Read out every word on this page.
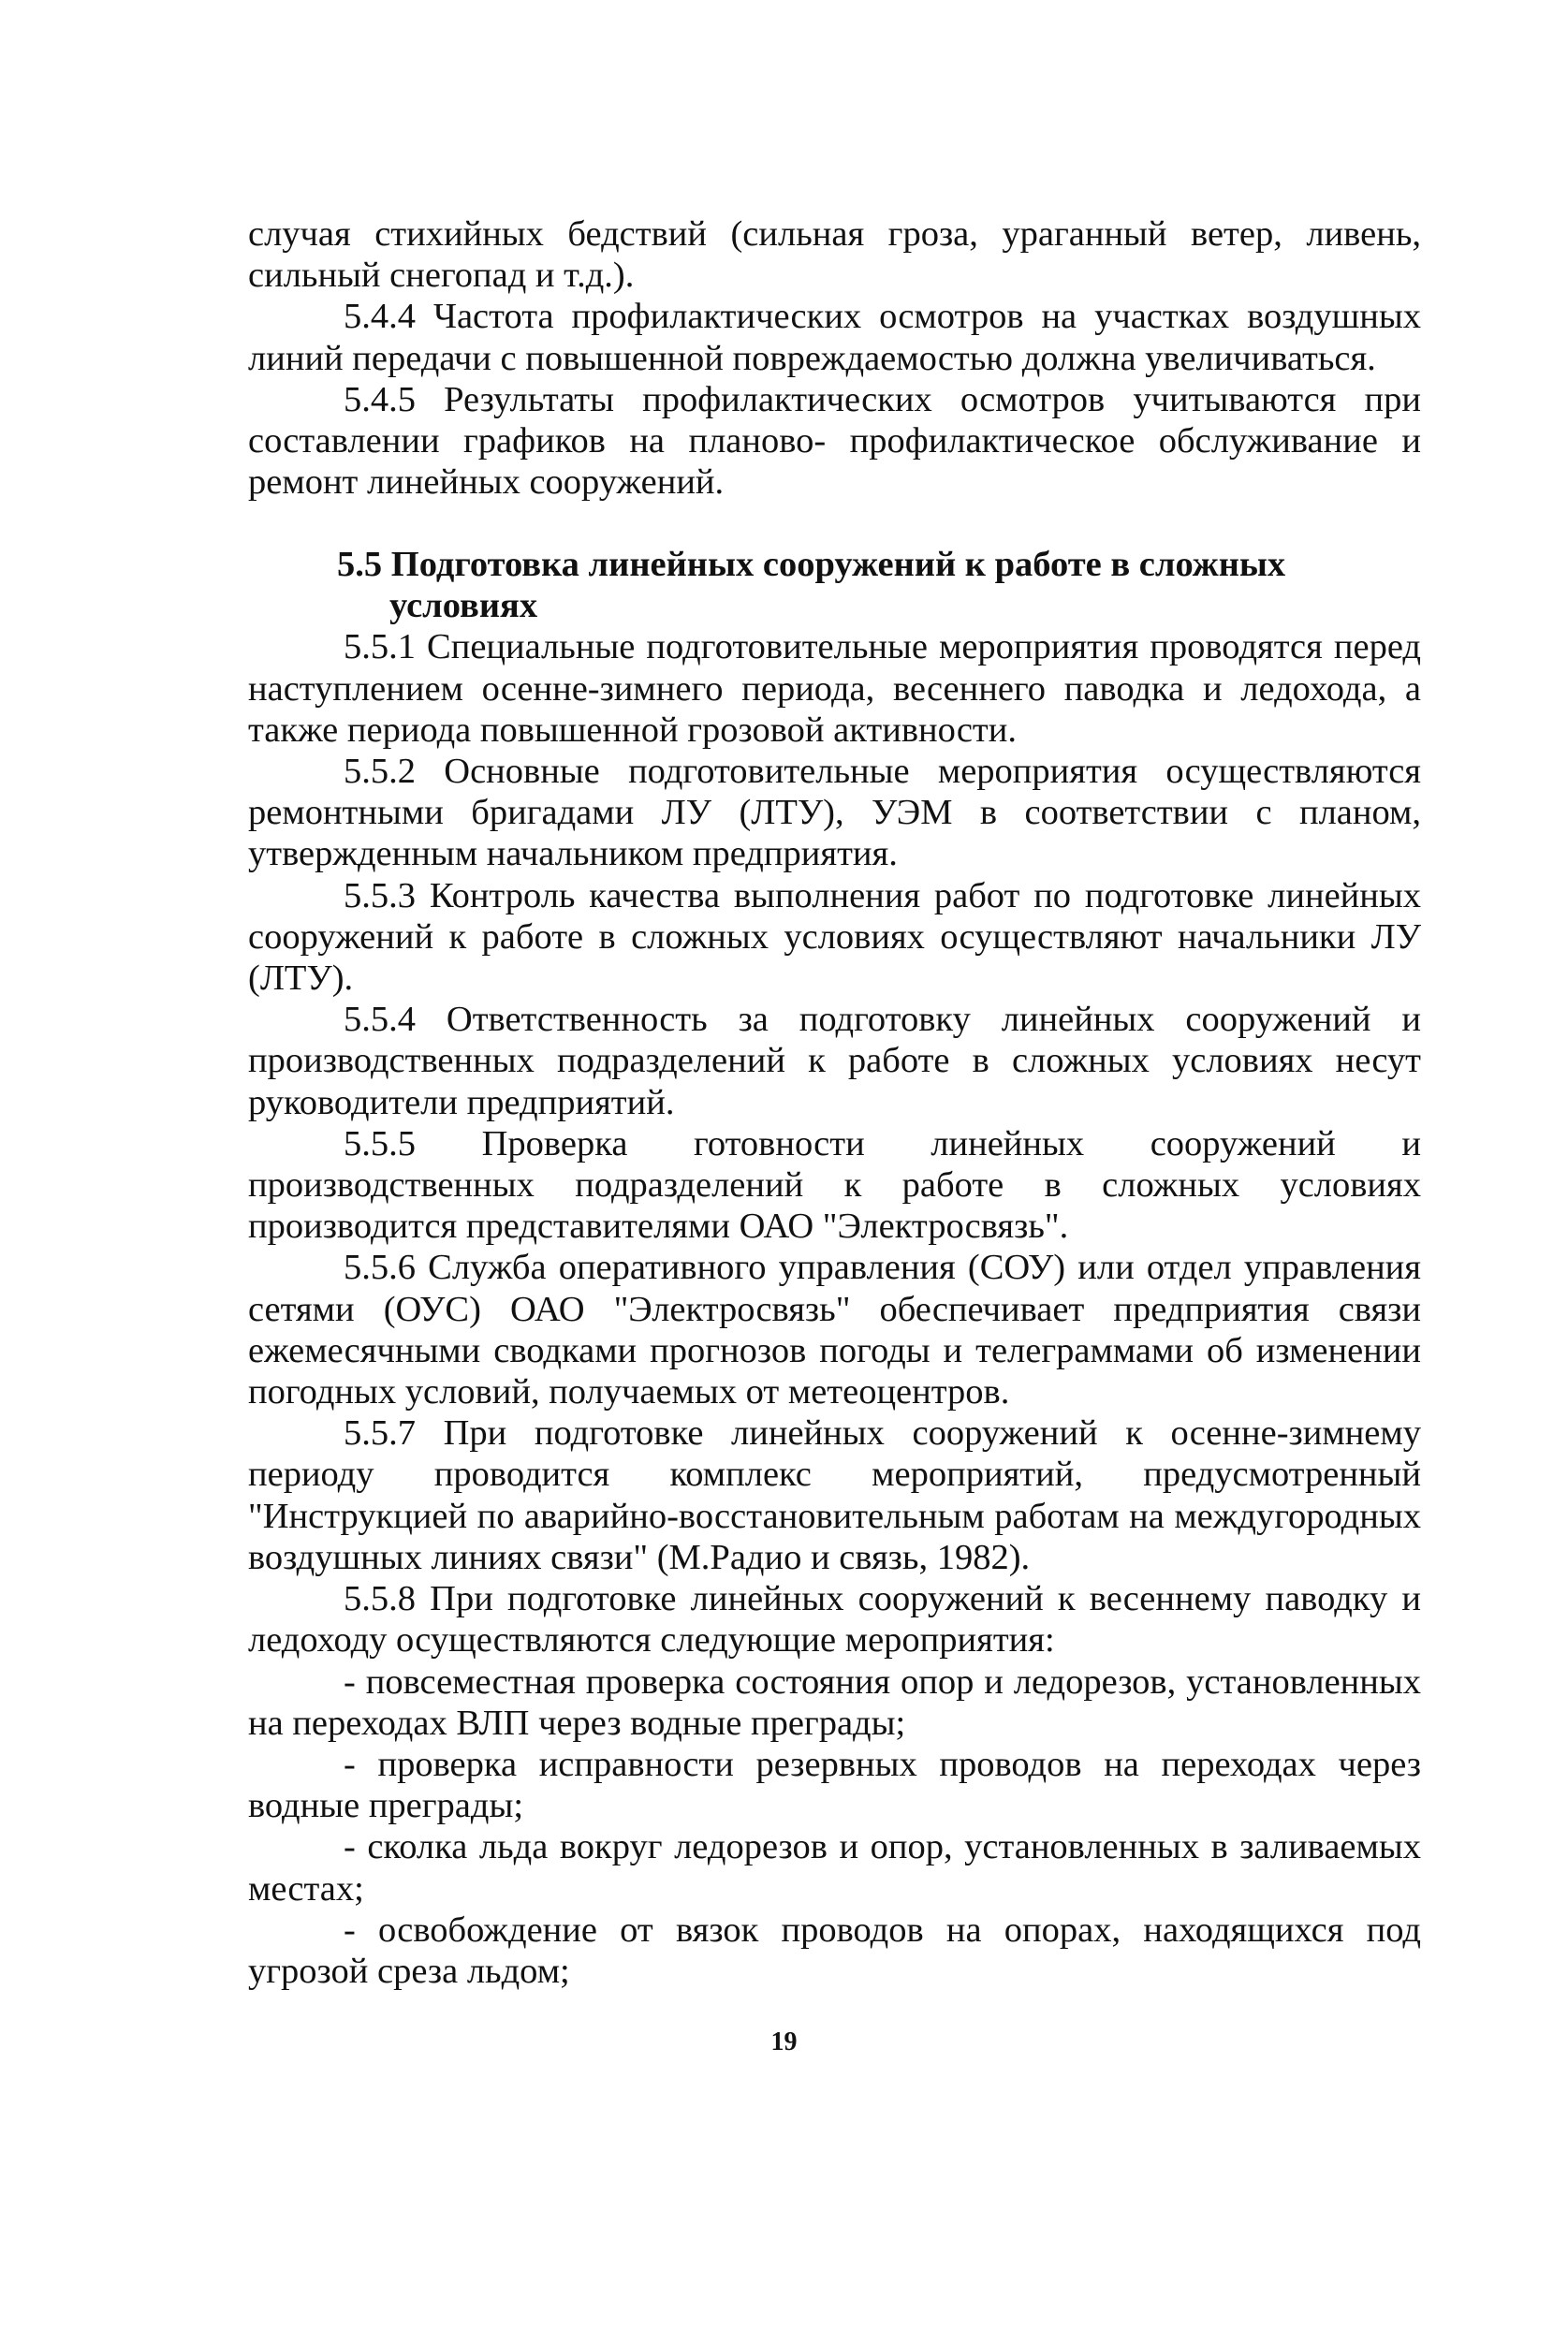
случая стихийных бедствий (сильная гроза, ураганный ветер, ливень, сильный снегопад и т.д.).

5.4.4 Частота профилактических осмотров на участках воздушных линий передачи с повышенной повреждаемостью должна увеличиваться.

5.4.5 Результаты профилактических осмотров учитываются при составлении графиков на планово- профилактическое обслуживание и ремонт линейных сооружений.

5.5 Подготовка линейных сооружений к работе в сложных

условиях

5.5.1 Специальные подготовительные мероприятия проводятся перед наступлением осенне-зимнего периода, весеннего паводка и ледохода, а также периода повышенной грозовой активности.

5.5.2 Основные подготовительные мероприятия осуществляются ремонтными бригадами ЛУ (ЛТУ), УЭМ в соответствии с планом, утвержденным начальником предприятия.

5.5.3 Контроль качества выполнения работ по подготовке линейных сооружений к работе в сложных условиях осуществляют начальники ЛУ (ЛТУ).

5.5.4 Ответственность за подготовку линейных сооружений и производственных подразделений к работе в сложных условиях несут руководители предприятий.

5.5.5 Проверка готовности линейных сооружений и производственных подразделений к работе в сложных условиях производится представителями ОАО "Электросвязь".

5.5.6 Служба оперативного управления (СОУ) или отдел управления сетями (ОУС) ОАО "Электросвязь" обеспечивает предприятия связи ежемесячными сводками прогнозов погоды и телеграммами об изменении погодных условий, получаемых от метеоцентров.

5.5.7 При подготовке линейных сооружений к осенне-зимнему периоду проводится комплекс мероприятий, предусмотренный "Инструкцией по аварийно-восстановительным работам на междугородных воздушных линиях связи" (М.Радио и связь, 1982).

5.5.8 При подготовке линейных сооружений к весеннему паводку и ледоходу осуществляются следующие мероприятия:

- повсеместная проверка состояния опор и ледорезов, установленных на переходах ВЛП через водные преграды;

- проверка исправности резервных проводов на переходах через водные преграды;

- сколка льда вокруг ледорезов и опор, установленных в заливаемых местах;

- освобождение от вязок проводов на опорах, находящихся под угрозой среза льдом;

19
